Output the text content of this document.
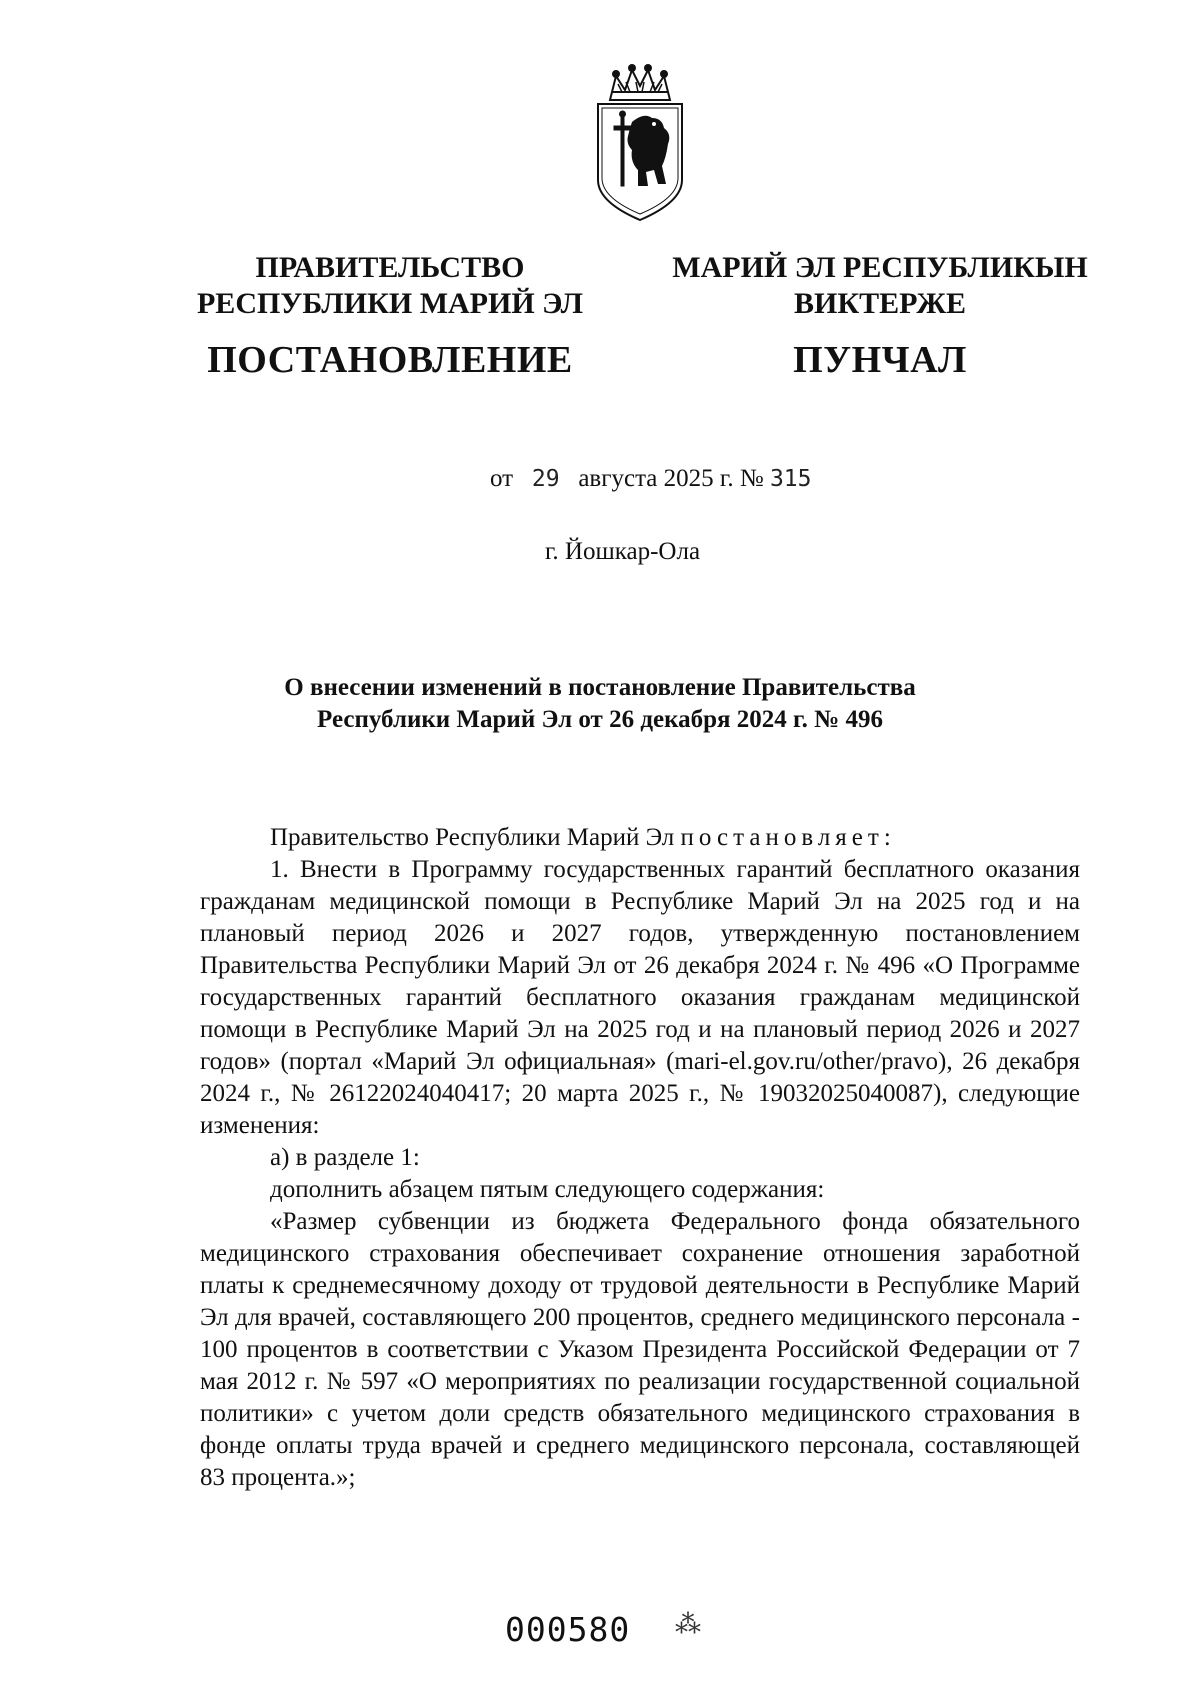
ПРАВИТЕЛЬСТВО
РЕСПУБЛИКИ МАРИЙ ЭЛ
ПОСТАНОВЛЕНИЕ
МАРИЙ ЭЛ РЕСПУБЛИКЫН
ВИКТЕРЖЕ
ПУНЧАЛ
от 29 августа 2025 г. № 315
г. Йошкар-Ола
О внесении изменений в постановление Правительства
Республики Марий Эл от 26 декабря 2024 г. № 496

Правительство Республики Марий Эл постановляет:

1. Внести в Программу государственных гарантий бесплатного оказания гражданам медицинской помощи в Республике Марий Эл на 2025 год и на плановый период 2026 и 2027 годов, утвержденную постановлением Правительства Республики Марий Эл от 26 декабря 2024 г. № 496 «О Программе государственных гарантий бесплатного оказания гражданам медицинской помощи в Республике Марий Эл на 2025 год и на плановый период 2026 и 2027 годов» (портал «Марий Эл официальная» (mari-el.gov.ru/other/pravo), 26 декабря 2024 г., № 26122024040417; 20 марта 2025 г., № 19032025040087), следующие изменения:

а) в разделе 1:

дополнить абзацем пятым следующего содержания:

«Размер субвенции из бюджета Федерального фонда обязательного медицинского страхования обеспечивает сохранение отношения заработной платы к среднемесячному доходу от трудовой деятельности в Республике Марий Эл для врачей, составляющего 200 процентов, среднего медицинского персонала - 100 процентов в соответствии с Указом Президента Российской Федерации от 7 мая 2012 г. № 597 «О мероприятиях по реализации государственной социальной политики» с учетом доли средств обязательного медицинского страхования в фонде оплаты труда врачей и среднего медицинского персонала, составляющей 83 процента.»;

000580 ⁂
